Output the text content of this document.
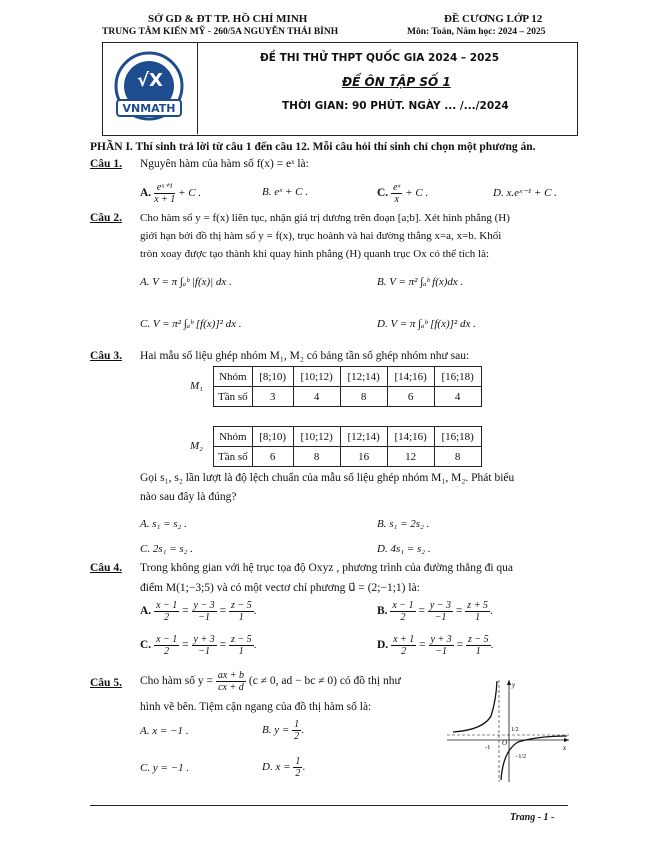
SỞ GD & ĐT TP. HỒ CHÍ MINH
TRUNG TÂM KIẾN MỸ - 260/5A NGUYỄN THÁI BÌNH
ĐỀ CƯƠNG LỚP 12
Môn: Toán, Năm học: 2024 – 2025
√X
VNMATH
ĐỀ THI THỬ THPT QUỐC GIA 2024 – 2025
ĐỀ ÔN TẬP SỐ 1
THỜI GIAN: 90 PHÚT. NGÀY ... /.../2024
PHẦN I. Thí sinh trả lời từ câu 1 đến câu 12. Mỗi câu hỏi thí sinh chỉ chọn một phương án.
Câu 1. Nguyên hàm của hàm số f(x) = eˣ là:
A. $\frac{\text{eˣ⁺¹}}{x + 1} + C$ .	B. eˣ + C .	C. $\frac{\text{eˣ}}{x} + C$ .	D. x.eˣ⁻¹ + C .
Câu 2. Cho hàm số y = f(x) liên tục, nhận giá trị dương trên đoạn [a;b]. Xét hình phẳng (H)
giới hạn bởi đồ thị hàm số y = f(x), trục hoành và hai đường thẳng x=a, x=b. Khối
tròn xoay được tạo thành khi quay hình phẳng (H) quanh trục Ox có thể tích là:
A. V = π ∫ₐᵇ |f(x)| dx .	B. V = π² ∫ₐᵇ f(x)dx .
C. V = π² ∫ₐᵇ [f(x)]² dx .	D. V = π ∫ₐᵇ [f(x)]² dx .
Câu 3. Hai mẫu số liệu ghép nhóm M₁, M₂ có bảng tần số ghép nhóm như sau:
M₁
Nhóm	[8;10)	[10;12)	[12;14)	[14;16)	[16;18)
Tần số	3	4	8	6	4
M₂
Nhóm	[8;10)	[10;12)	[12;14)	[14;16)	[16;18)
Tần số	6	8	16	12	8
Gọi s₁, s₂ lần lượt là độ lệch chuẩn của mẫu số liệu ghép nhóm M₁, M₂. Phát biểu
nào sau đây là đúng?
A. s₁ = s₂ .	B. s₁ = 2s₂ .
C. 2s₁ = s₂ .	D. 4s₁ = s₂ .
Câu 4. Trong không gian với hệ trục tọa độ Oxyz , phương trình của đường thẳng đi qua
điểm M(1;−3;5) và có một vectơ chỉ phương u⃗ = (2;−1;1) là:
A. $\frac{x - 1}{2} = \frac{y - 3}{-1} = \frac{z - 5}{1}$ .	B. $\frac{x - 1}{2} = \frac{y - 3}{-1} = \frac{z + 5}{1}$ .
C. $\frac{x - 1}{2} = \frac{y + 3}{-1} = \frac{z - 5}{1}$ .	D. $\frac{x + 1}{2} = \frac{y + 3}{-1} = \frac{z - 5}{1}$ .
Câu 5. Cho hàm số $y = \frac{ax + b}{cx + d} (c \ne 0$, ad − bc ≠ 0) có đồ thị như
hình vẽ bên. Tiệm cận ngang của đồ thị hàm số là:
A. x = −1 .	B. $y = \frac{1}{2}$ .
C. y = −1 .	D. $x = \frac{1}{2}$ .
y
x
O
-1
1/2
−1/2
Trang - 1 -
